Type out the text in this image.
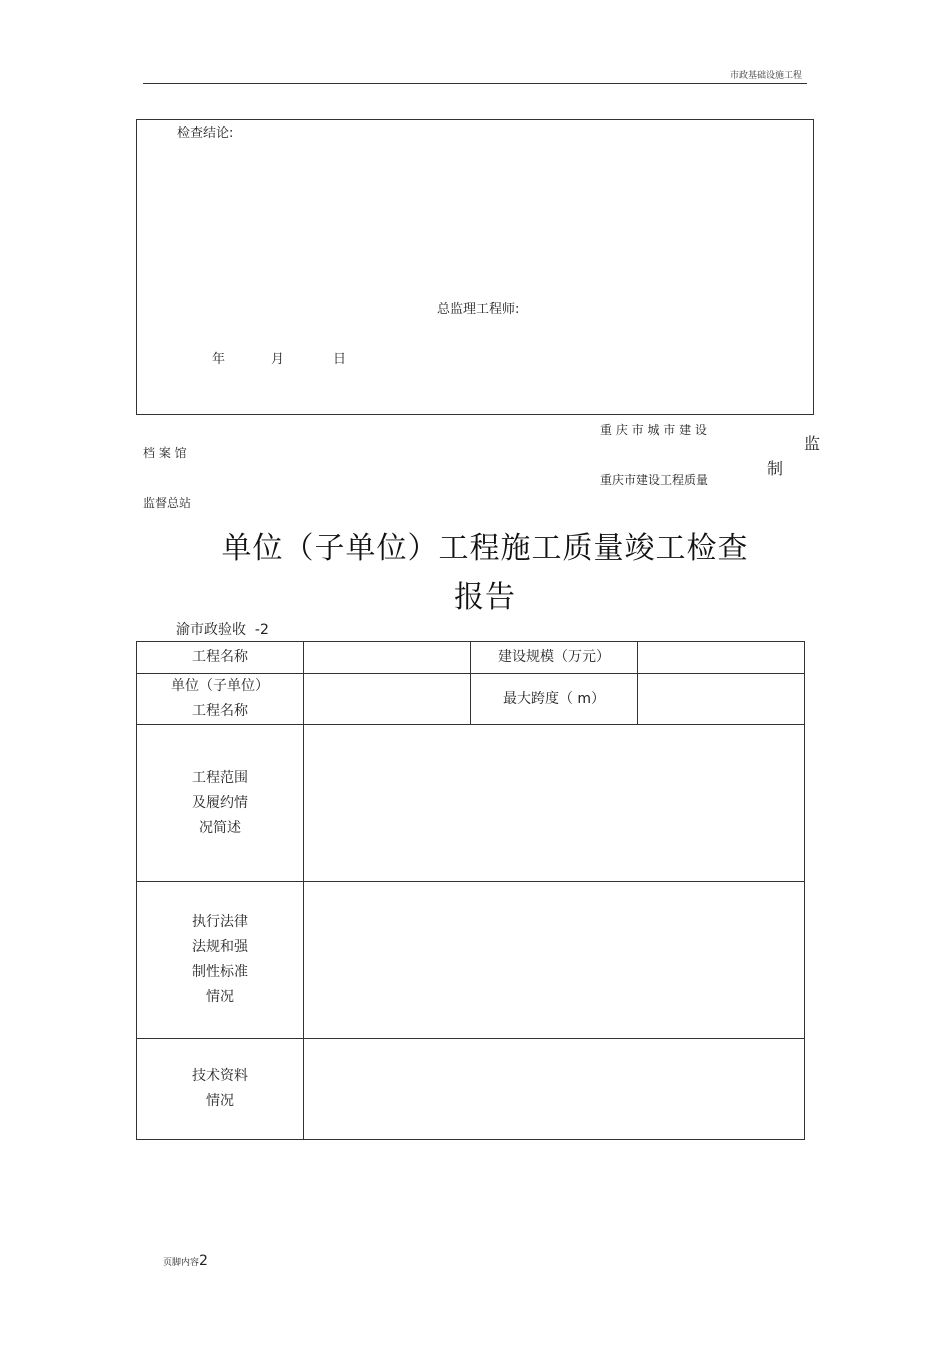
市政基础设施工程
检查结论:
总监理工程师:
年	月	日
重 庆 市 城 市 建 设
档 案 馆	监
制
重庆市建设工程质量
监督总站
单位（子单位）工程施工质量竣工检查
报告
渝市政验收  -2
工程名称		建设规模（万元）	

单位（子单位）
工程名称		最大跨度（ m）	

工程范围
及履约情
况简述			

执行法律
法规和强
制性标准
情况			

技术资料
情况			

页脚内容2
